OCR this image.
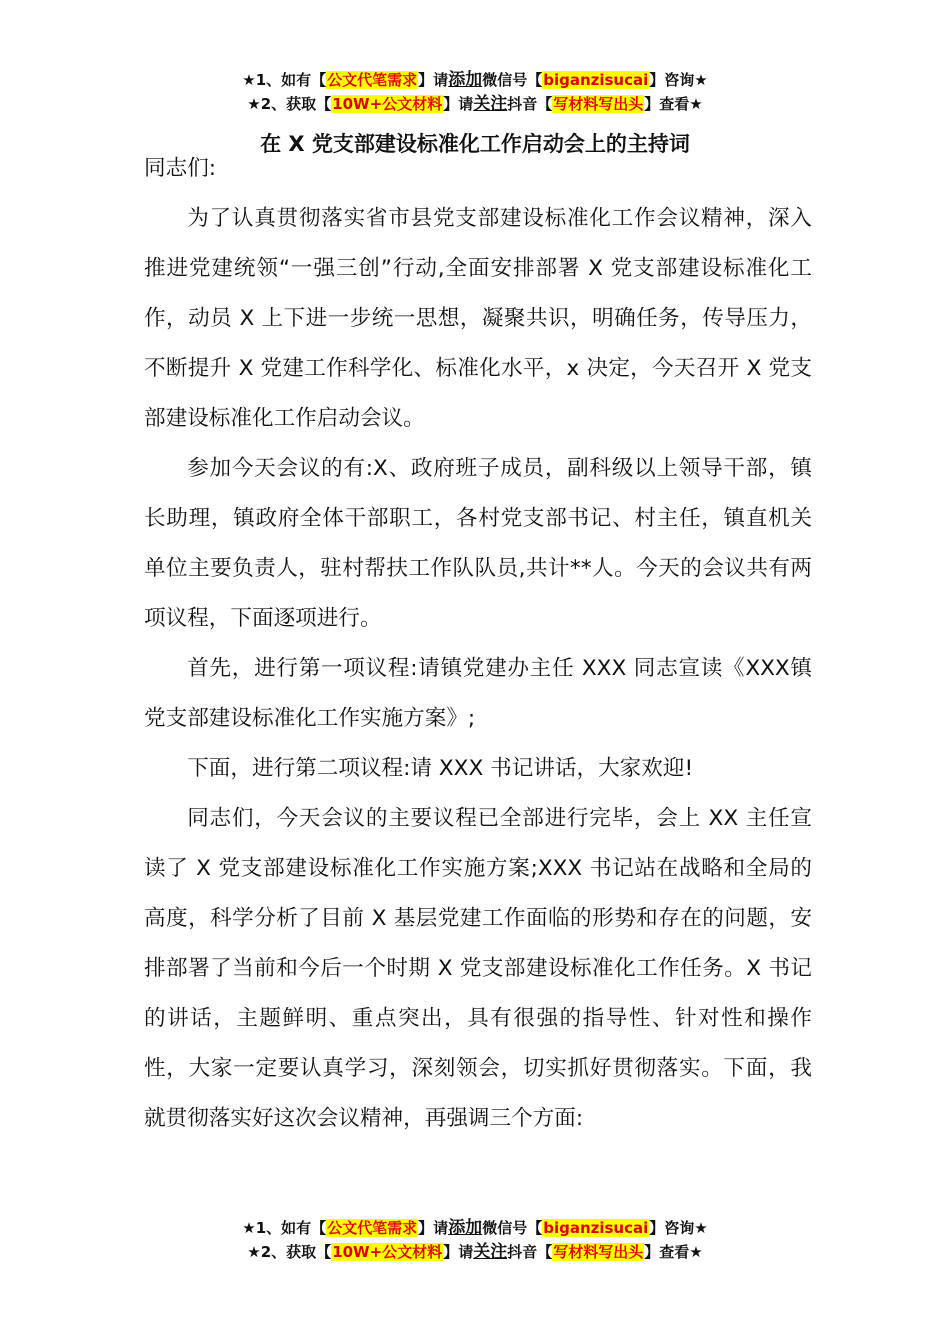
★1、如有【公文代笔需求】请添加微信号【biganzisucai】咨询★
★2、获取【10W+公文材料】请关注抖音【写材料写出头】查看★
在 X 党支部建设标准化工作启动会上的主持词

同志们:

为了认真贯彻落实省市县党支部建设标准化工作会议精神，深入推进党建统领“一强三创”行动,全面安排部署 X 党支部建设标准化工作，动员 X 上下进一步统一思想，凝聚共识，明确任务，传导压力，不断提升 X 党建工作科学化、标准化水平，x 决定，今天召开 X 党支部建设标准化工作启动会议。

参加今天会议的有:X、政府班子成员，副科级以上领导干部，镇长助理，镇政府全体干部职工，各村党支部书记、村主任，镇直机关单位主要负责人，驻村帮扶工作队队员,共计**人。今天的会议共有两项议程，下面逐项进行。

首先，进行第一项议程:请镇党建办主任 XXX 同志宣读《XXX镇党支部建设标准化工作实施方案》;

下面，进行第二项议程:请 XXX 书记讲话，大家欢迎!

同志们，今天会议的主要议程已全部进行完毕，会上 XX 主任宣读了 X 党支部建设标准化工作实施方案;XXX 书记站在战略和全局的高度，科学分析了目前 X 基层党建工作面临的形势和存在的问题，安排部署了当前和今后一个时期 X 党支部建设标准化工作任务。X 书记的讲话，主题鲜明、重点突出，具有很强的指导性、针对性和操作性，大家一定要认真学习，深刻领会，切实抓好贯彻落实。下面，我就贯彻落实好这次会议精神，再强调三个方面:

★1、如有【公文代笔需求】请添加微信号【biganzisucai】咨询★
★2、获取【10W+公文材料】请关注抖音【写材料写出头】查看★
